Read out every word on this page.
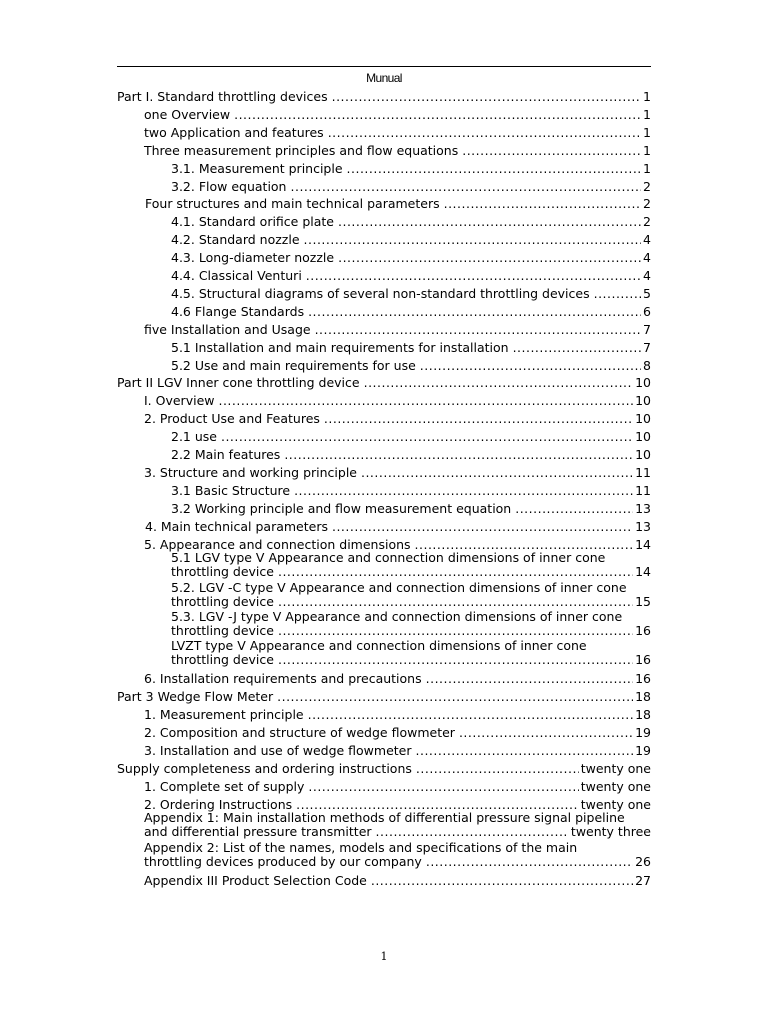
Munual
Part I. Standard throttling devices .....	1
one Overview .....	1
two Application and features .....	1
Three measurement principles and flow equations .....	1
3.1. Measurement principle .....	1
3.2. Flow equation .....	2
Four structures and main technical parameters .....	2
4.1. Standard orifice plate .....	2
4.2. Standard nozzle .....	4
4.3. Long-diameter nozzle .....	4
4.4. Classical Venturi .....	4
4.5. Structural diagrams of several non-standard throttling devices .....	5
4.6 Flange Standards .....	6
five Installation and Usage .....	7
5.1 Installation and main requirements for installation .....	7
5.2 Use and main requirements for use .....	8
Part II LGV Inner cone throttling device .....	10
I. Overview .....	10
2. Product Use and Features .....	10
2.1 use .....	10
2.2 Main features .....	10
3. Structure and working principle .....	11
3.1 Basic Structure .....	11
3.2 Working principle and flow measurement equation .....	13
4. Main technical parameters .....	13
5. Appearance and connection dimensions .....	14
5.1 LGV type V Appearance and connection dimensions of inner cone
throttling device .....	14
5.2. LGV -C type V Appearance and connection dimensions of inner cone
throttling device .....	15
5.3. LGV -J type V Appearance and connection dimensions of inner cone
throttling device .....	16
LVZT type V Appearance and connection dimensions of inner cone
throttling device .....	16
6. Installation requirements and precautions .....	16
Part 3 Wedge Flow Meter .....	18
1. Measurement principle .....	18
2. Composition and structure of wedge flowmeter .....	19
3. Installation and use of wedge flowmeter .....	19
Supply completeness and ordering instructions .....	twenty one
1. Complete set of supply .....	twenty one
2. Ordering Instructions .....	twenty one
Appendix 1: Main installation methods of differential pressure signal pipeline
and differential pressure transmitter .....	twenty three
Appendix 2: List of the names, models and specifications of the main
throttling devices produced by our company .....	26
Appendix III Product Selection Code .....	27
1
